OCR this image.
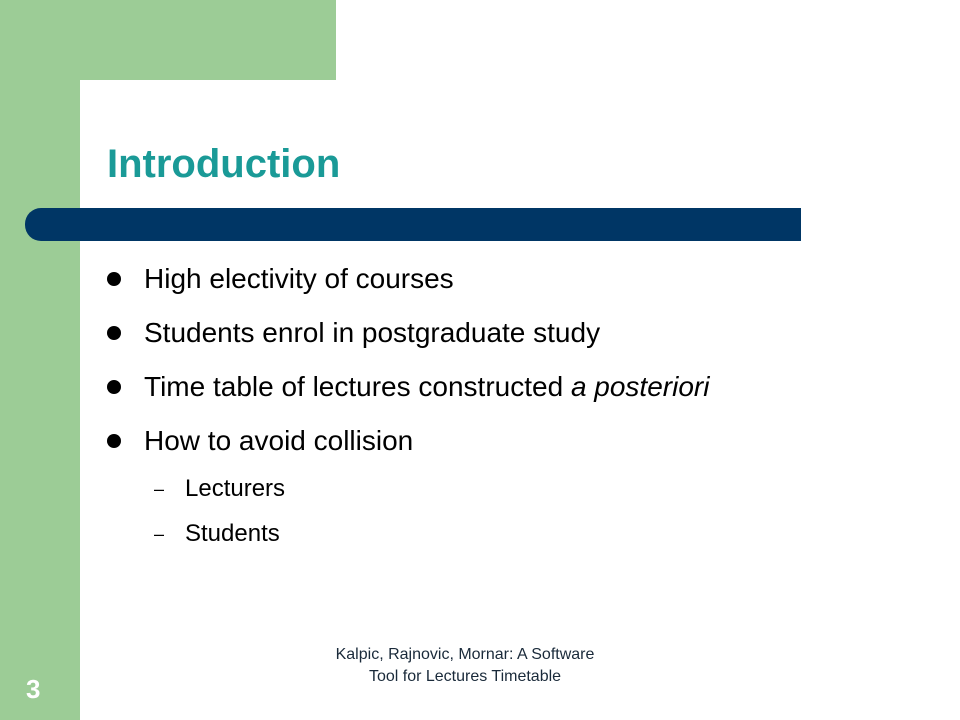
Introduction
High electivity of courses
Students enrol in postgraduate study
Time table of lectures constructed a posteriori
How to avoid collision
– Lecturers
– Students
Kalpic, Rajnovic, Mornar: A Software Tool for Lectures Timetable
3
